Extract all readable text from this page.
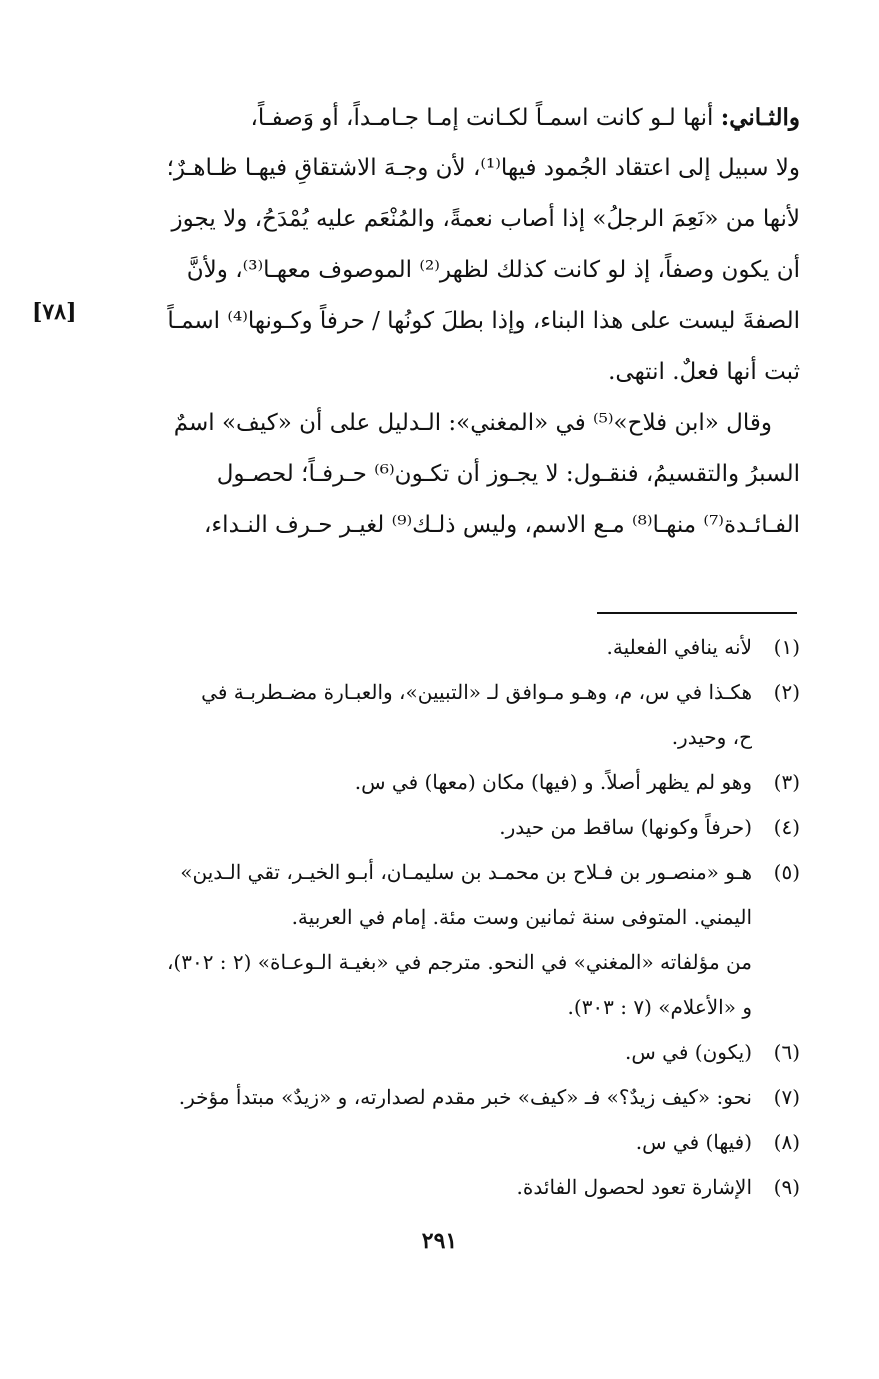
والثـاني: أنها لـو كانت اسمـاً لكـانت إمـا جـامـداً، أو وَصفـاً،
ولا سبيل إلى اعتقاد الجُمود فيها⁽¹⁾، لأن وجـهَ الاشتقاقِ فيهـا ظـاهـرٌ؛
لأنها من «نَعِمَ الرجلُ» إذا أصاب نعمةً، والمُنْعَم عليه يُمْدَحُ، ولا يجوز
أن يكون وصفاً، إذ لو كانت كذلك لظهر⁽²⁾ الموصوف معهـا⁽³⁾، ولأنَّ
الصفةَ ليست على هذا البناء، وإذا بطلَ كونُها / حرفاً وكـونها⁽⁴⁾ اسمـاً
ثبت أنها فعلٌ. انتهى.
وقال «ابن فلاح»⁽⁵⁾ في «المغني»: الـدليل على أن «كيف» اسمٌ
السبرُ والتقسيمُ، فنقـول: لا يجـوز أن تكـون⁽⁶⁾ حـرفـاً؛ لحصـول
الفـائـدة⁽⁷⁾ منهـا⁽⁸⁾ مـع الاسم، وليس ذلـك⁽⁹⁾ لغيـر حـرف النـداء،
[٧٨]
(١)
لأنه ينافي الفعلية.
(٢)
هكـذا في س، م، وهـو مـوافق لـ «التبيين»، والعبـارة مضـطربـة في
ح، وحيدر.
(٣)
وهو لم يظهر أصلاً. و (فيها) مكان (معها) في س.
(٤)
(حرفاً وكونها) ساقط من حيدر.
(٥)
هـو «منصـور بن فـلاح بن محمـد بن سليمـان، أبـو الخيـر، تقي الـدين»
اليمني. المتوفى سنة ثمانين وست مئة. إمام في العربية.
من مؤلفاته «المغني» في النحو. مترجم في «بغيـة الـوعـاة» (٢ : ٣٠٢)،
و «الأعلام» (٧ : ٣٠٣).
(٦)
(يكون) في س.
(٧)
نحو: «كيف زيدٌ؟» فـ «كيف» خبر مقدم لصدارته، و «زيدٌ» مبتدأ مؤخر.
(٨)
(فيها) في س.
(٩)
الإشارة تعود لحصول الفائدة.
٢٩١
